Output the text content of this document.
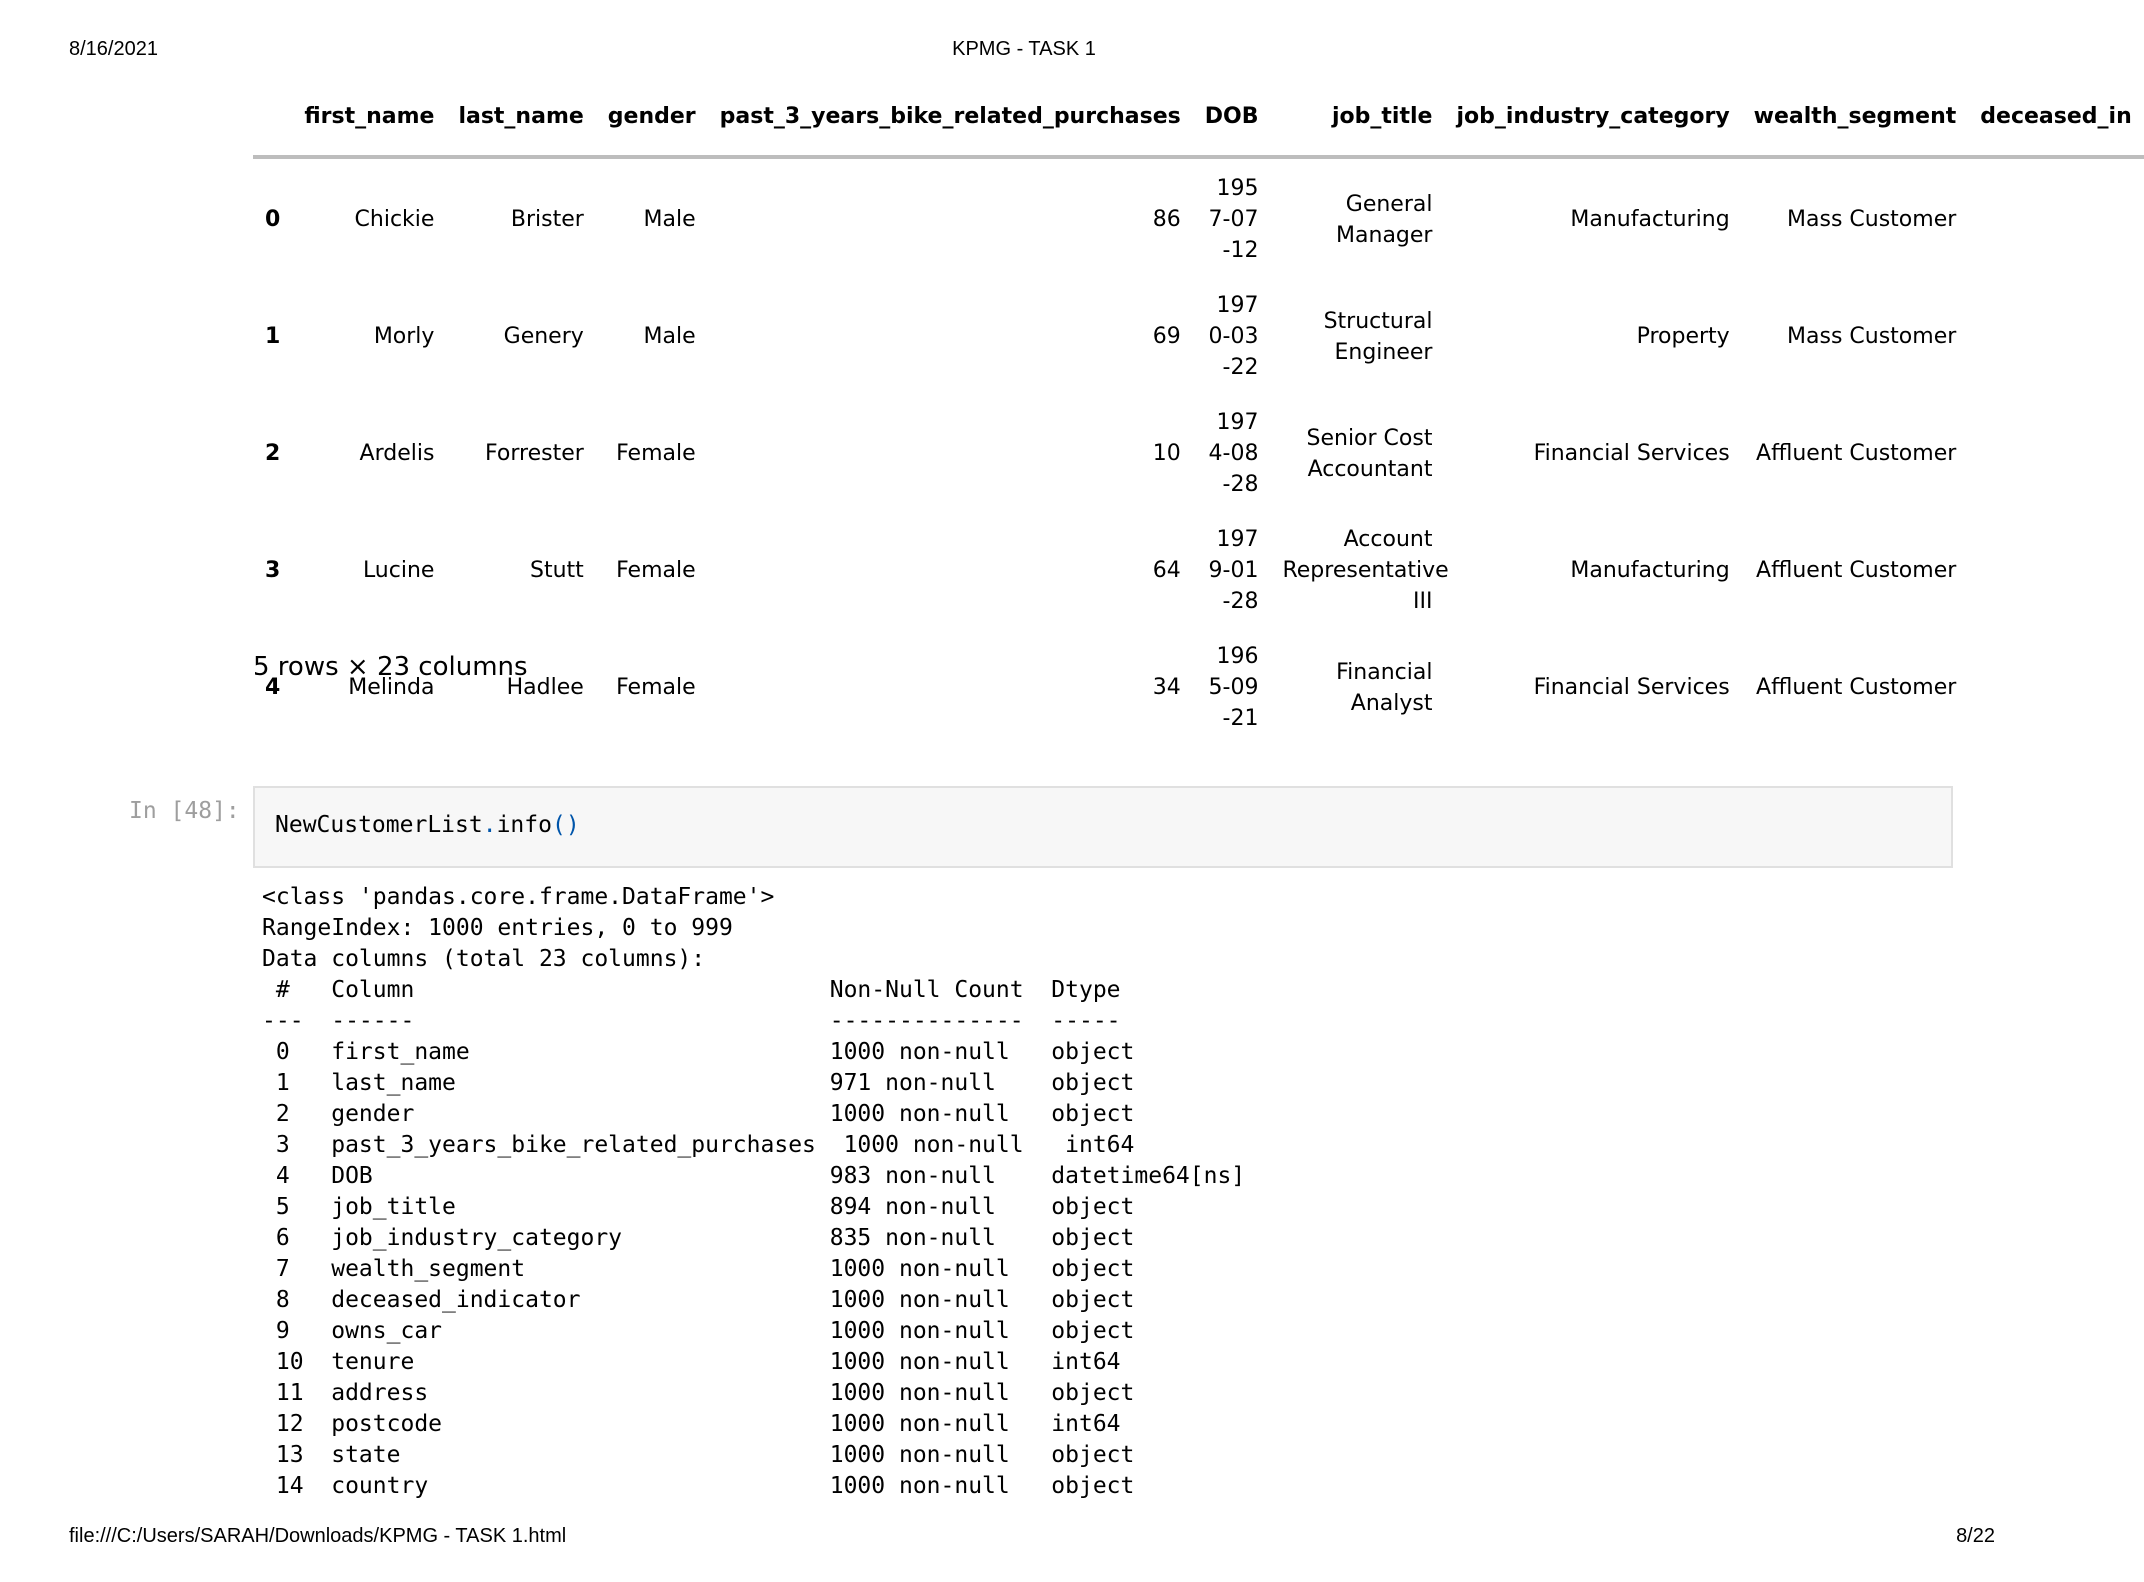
8/16/2021	KPMG - TASK 1
	first_name	last_name	gender	past_3_years_bike_related_purchases	DOB	job_title	job_industry_category	wealth_segment	deceased_in
0	Chickie	Brister	Male	86	1957-07-12	General Manager	Manufacturing	Mass Customer	
1	Morly	Genery	Male	69	1970-03-22	Structural Engineer	Property	Mass Customer	
2	Ardelis	Forrester	Female	10	1974-08-28	Senior Cost Accountant	Financial Services	Affluent Customer	
3	Lucine	Stutt	Female	64	1979-01-28	Account Representative III	Manufacturing	Affluent Customer	
4	Melinda	Hadlee	Female	34	1965-09-21	Financial Analyst	Financial Services	Affluent Customer	
5 rows × 23 columns
In [48]:
NewCustomerList.info()
<class 'pandas.core.frame.DataFrame'>
RangeIndex: 1000 entries, 0 to 999
Data columns (total 23 columns):
#   Column                              Non-Null Count  Dtype
---  ------                              --------------  -----
0   first_name                          1000 non-null   object
1   last_name                           971 non-null    object
2   gender                              1000 non-null   object
3   past_3_years_bike_related_purchases  1000 non-null   int64
4   DOB                                 983 non-null    datetime64[ns]
5   job_title                           894 non-null    object
6   job_industry_category               835 non-null    object
7   wealth_segment                      1000 non-null   object
8   deceased_indicator                  1000 non-null   object
9   owns_car                            1000 non-null   object
10  tenure                              1000 non-null   int64
11  address                             1000 non-null   object
12  postcode                            1000 non-null   int64
13  state                               1000 non-null   object
14  country                             1000 non-null   object
file:///C:/Users/SARAH/Downloads/KPMG - TASK 1.html	8/22
